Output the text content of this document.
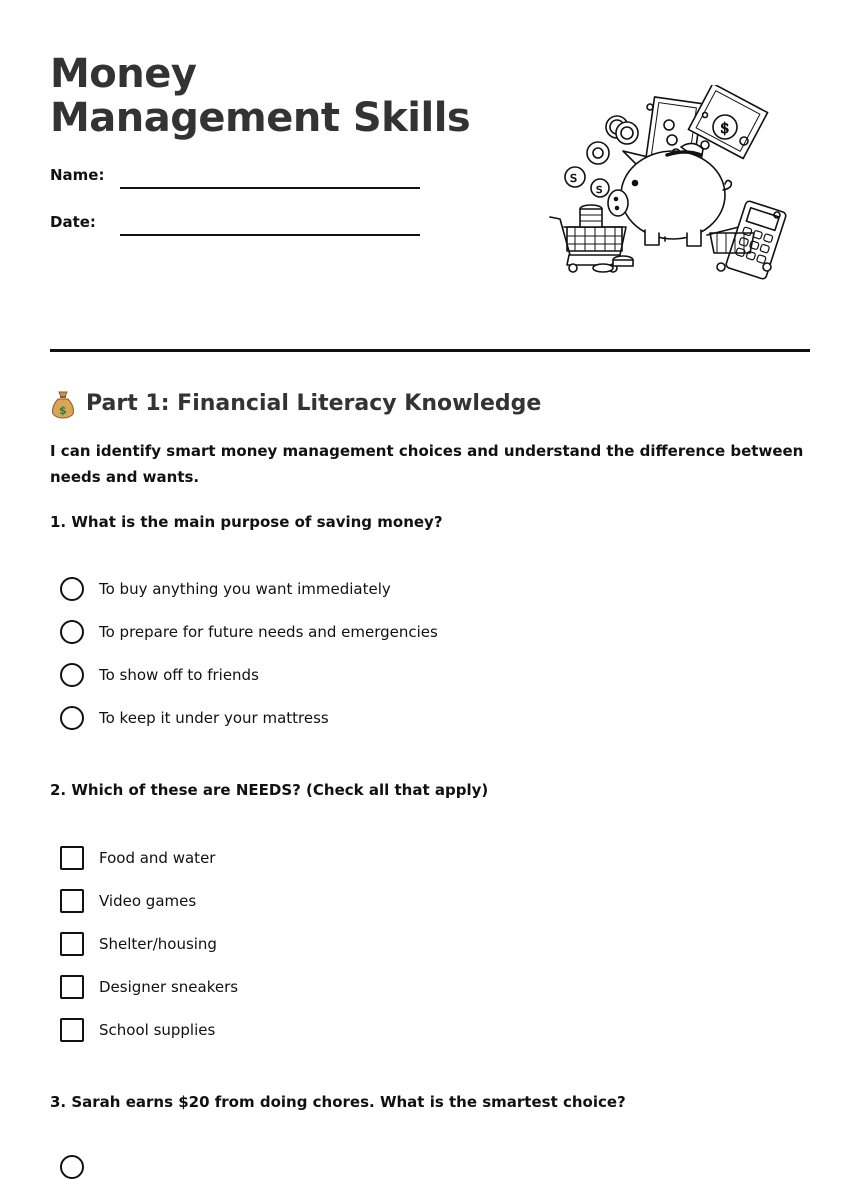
Money Management Skills
Name:
Date:
$
S
S
$ Part 1: Financial Literacy Knowledge

I can identify smart money management choices and understand the difference between needs and wants.

1. What is the main purpose of saving money?

To buy anything you want immediately
To prepare for future needs and emergencies
To show off to friends
To keep it under your mattress

2. Which of these are NEEDS? (Check all that apply)

Food and water
Video games
Shelter/housing
Designer sneakers
School supplies

3. Sarah earns $20 from doing chores. What is the smartest choice?
